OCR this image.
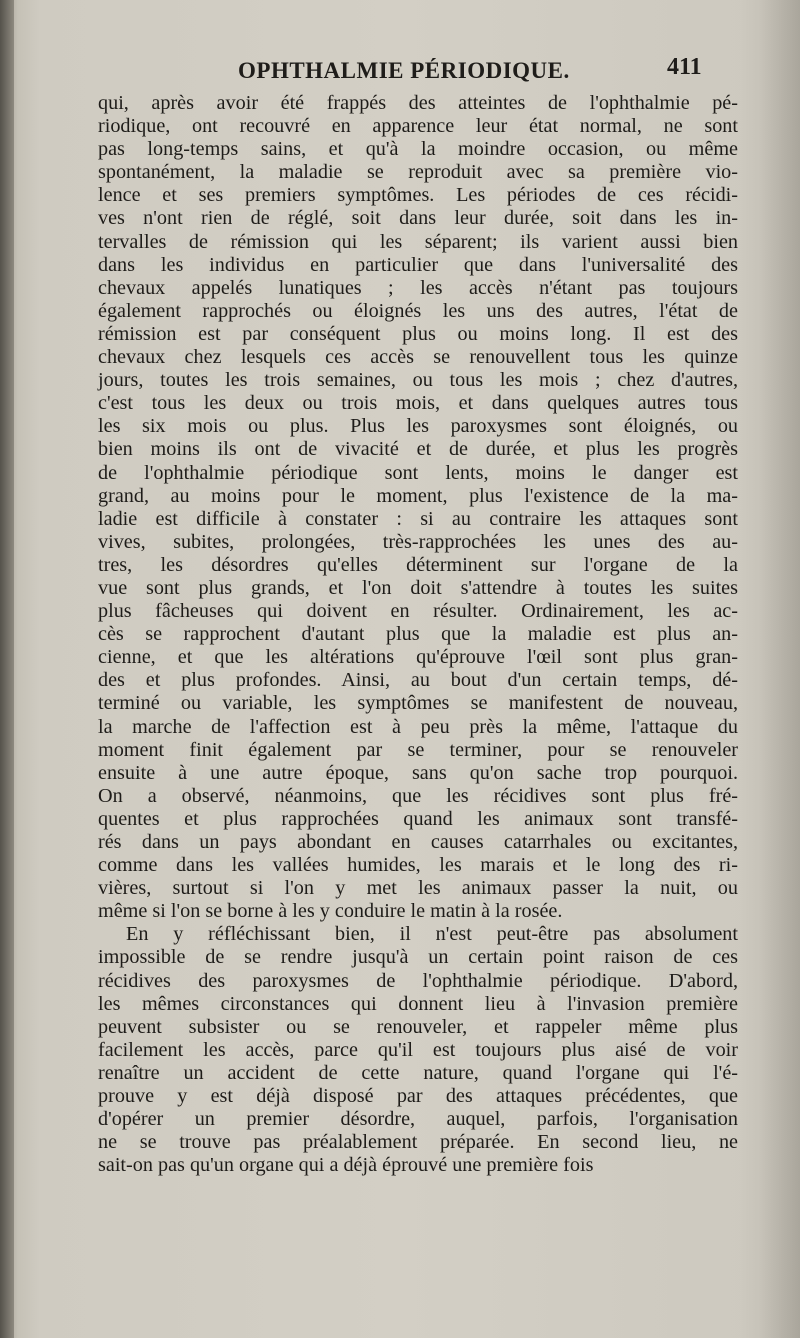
OPHTHALMIE PÉRIODIQUE.	411
qui, après avoir été frappés des atteintes de l'ophthalmie pé-
riodique, ont recouvré en apparence leur état normal, ne sont
pas long-temps sains, et qu'à la moindre occasion, ou même
spontanément, la maladie se reproduit avec sa première vio-
lence et ses premiers symptômes. Les périodes de ces récidi-
ves n'ont rien de réglé, soit dans leur durée, soit dans les in-
tervalles de rémission qui les séparent; ils varient aussi bien
dans les individus en particulier que dans l'universalité des
chevaux appelés lunatiques ; les accès n'étant pas toujours
également rapprochés ou éloignés les uns des autres, l'état de
rémission est par conséquent plus ou moins long. Il est des
chevaux chez lesquels ces accès se renouvellent tous les quinze
jours, toutes les trois semaines, ou tous les mois ; chez d'autres,
c'est tous les deux ou trois mois, et dans quelques autres tous
les six mois ou plus. Plus les paroxysmes sont éloignés, ou
bien moins ils ont de vivacité et de durée, et plus les progrès
de l'ophthalmie périodique sont lents, moins le danger est
grand, au moins pour le moment, plus l'existence de la ma-
ladie est difficile à constater : si au contraire les attaques sont
vives, subites, prolongées, très-rapprochées les unes des au-
tres, les désordres qu'elles déterminent sur l'organe de la
vue sont plus grands, et l'on doit s'attendre à toutes les suites
plus fâcheuses qui doivent en résulter. Ordinairement, les ac-
cès se rapprochent d'autant plus que la maladie est plus an-
cienne, et que les altérations qu'éprouve l'œil sont plus gran-
des et plus profondes. Ainsi, au bout d'un certain temps, dé-
terminé ou variable, les symptômes se manifestent de nouveau,
la marche de l'affection est à peu près la même, l'attaque du
moment finit également par se terminer, pour se renouveler
ensuite à une autre époque, sans qu'on sache trop pourquoi.
On a observé, néanmoins, que les récidives sont plus fré-
quentes et plus rapprochées quand les animaux sont transfé-
rés dans un pays abondant en causes catarrhales ou excitantes,
comme dans les vallées humides, les marais et le long des ri-
vières, surtout si l'on y met les animaux passer la nuit, ou
même si l'on se borne à les y conduire le matin à la rosée.
En y réfléchissant bien, il n'est peut-être pas absolument
impossible de se rendre jusqu'à un certain point raison de ces
récidives des paroxysmes de l'ophthalmie périodique. D'abord,
les mêmes circonstances qui donnent lieu à l'invasion première
peuvent subsister ou se renouveler, et rappeler même plus
facilement les accès, parce qu'il est toujours plus aisé de voir
renaître un accident de cette nature, quand l'organe qui l'é-
prouve y est déjà disposé par des attaques précédentes, que
d'opérer un premier désordre, auquel, parfois, l'organisation
ne se trouve pas préalablement préparée. En second lieu, ne
sait-on pas qu'un organe qui a déjà éprouvé une première fois
